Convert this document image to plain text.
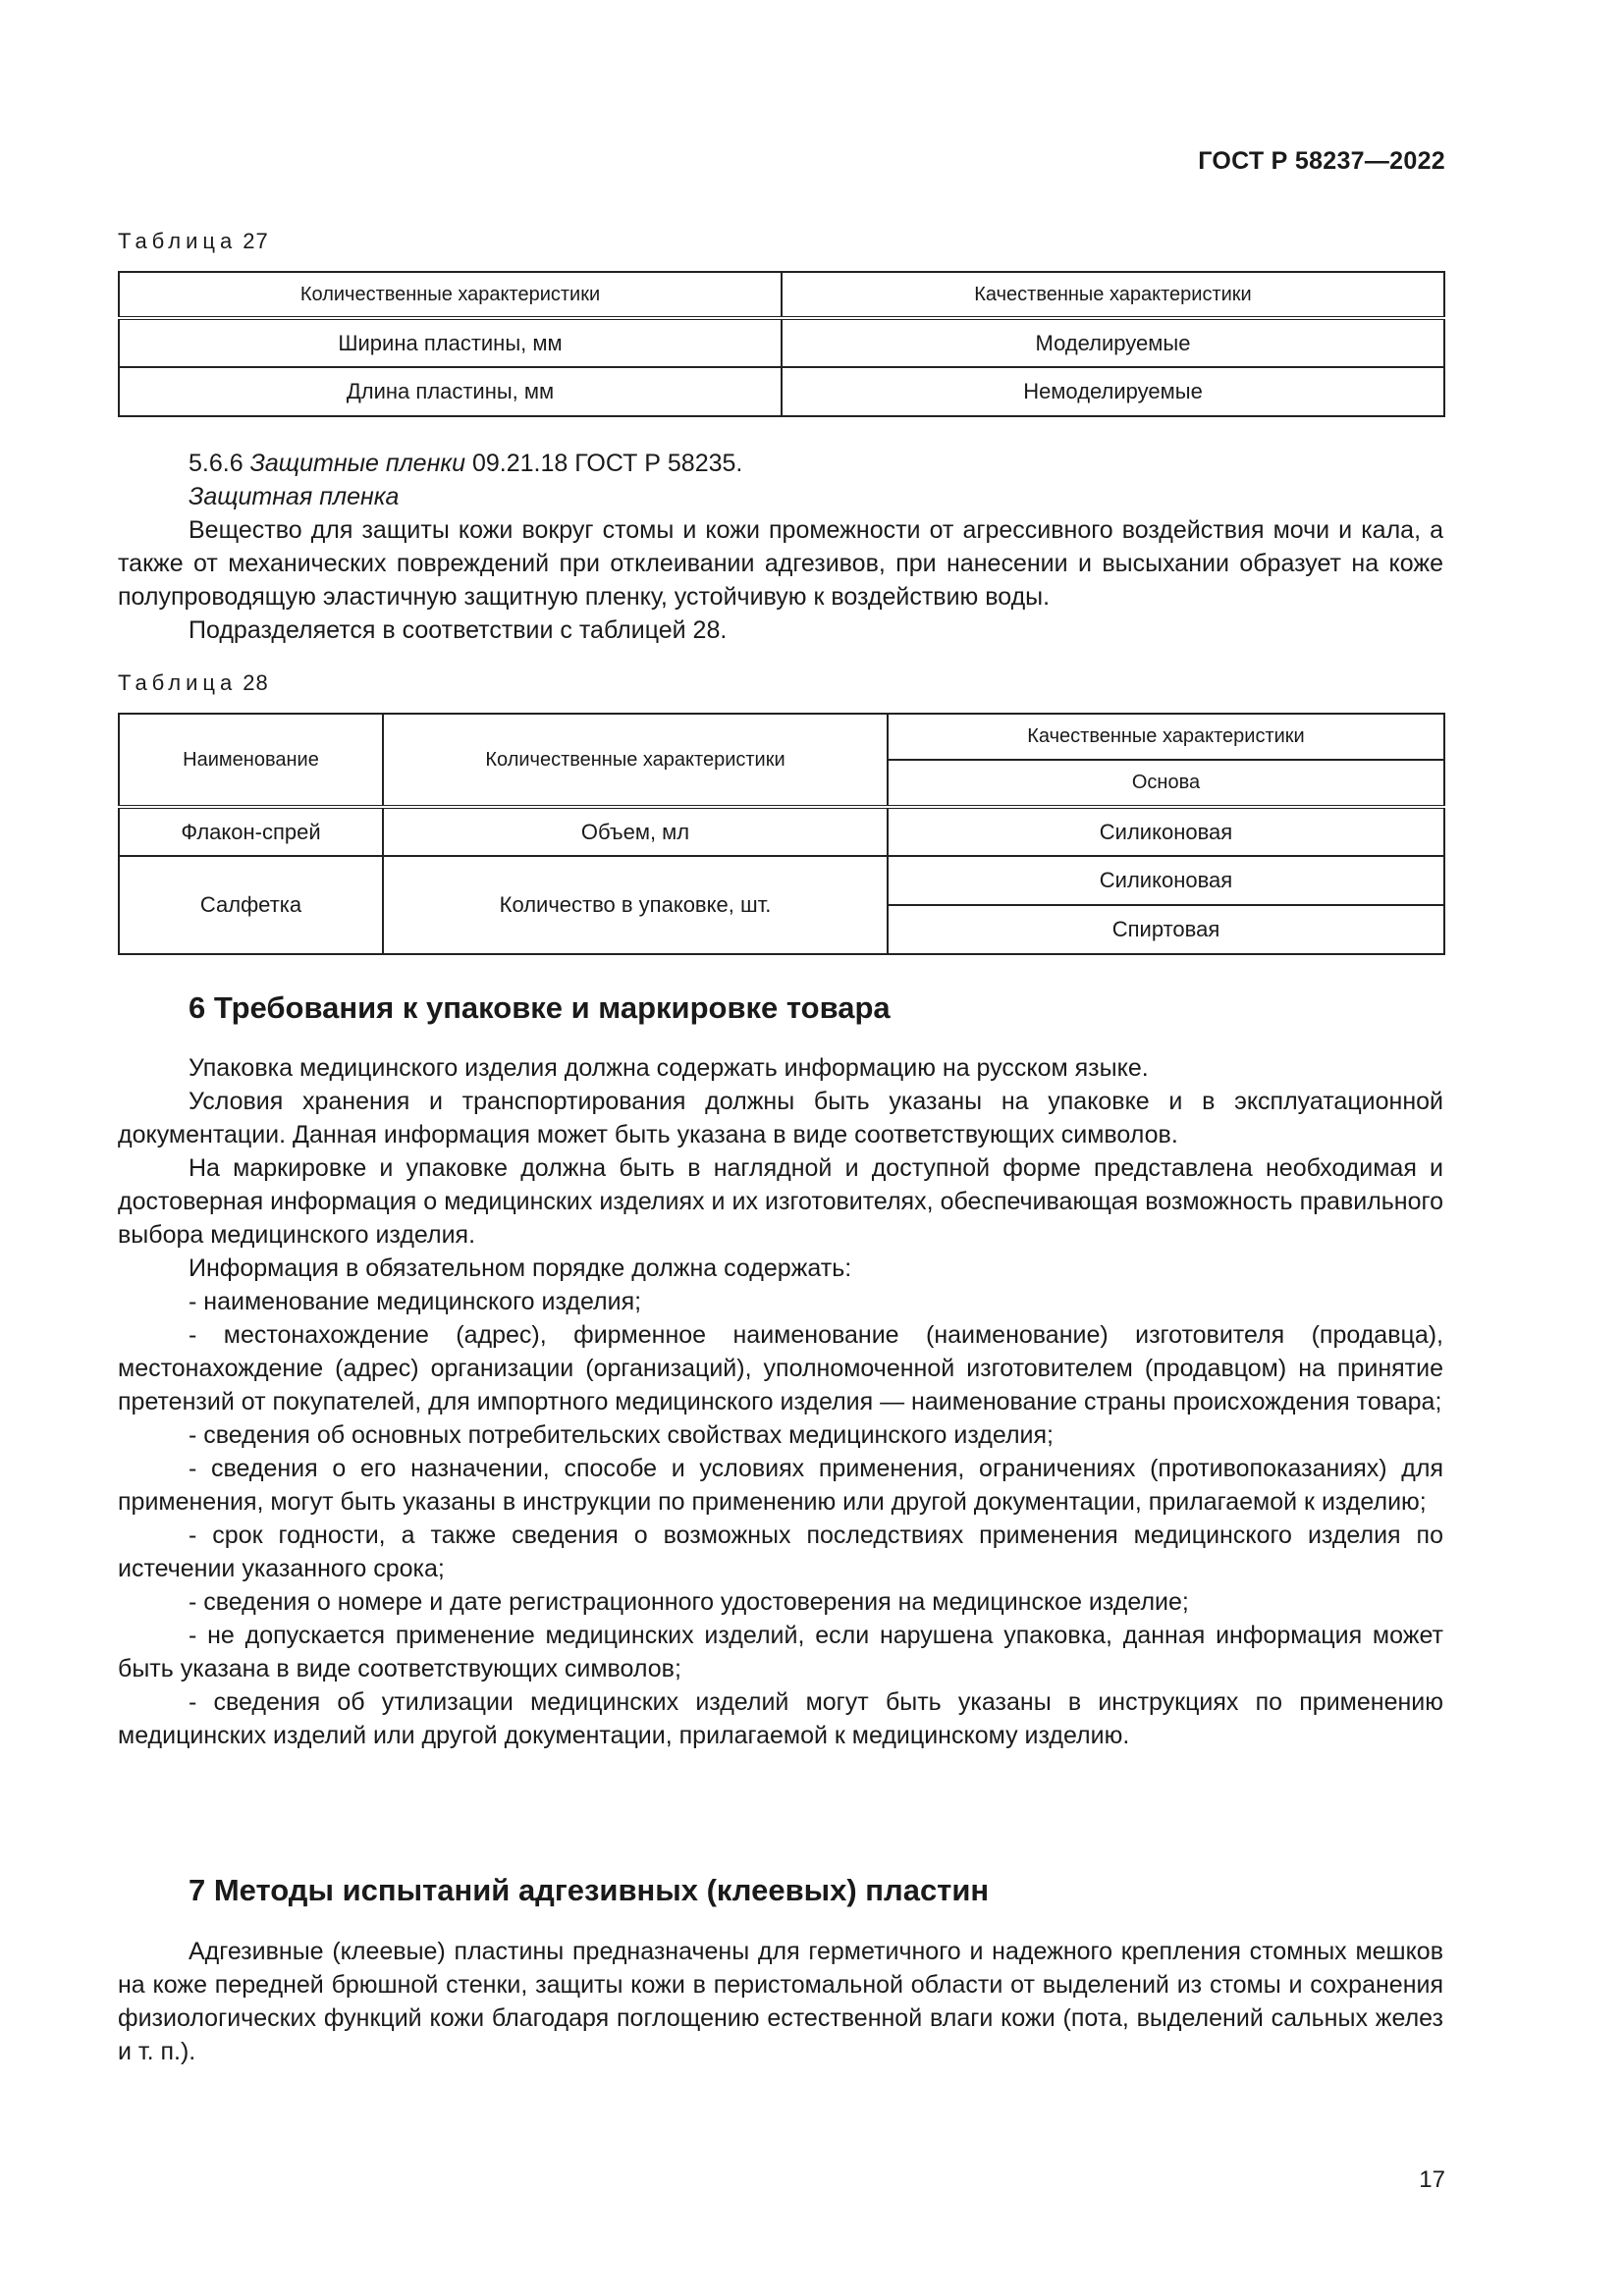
ГОСТ Р 58237—2022
Таблица 27
Количественные характеристики	Качественные характеристики
Ширина пластины, мм	Моделируемые
Длина пластины, мм	Немоделируемые

5.6.6 Защитные пленки 09.21.18 ГОСТ Р 58235.

Защитная пленка

Вещество для защиты кожи вокруг стомы и кожи промежности от агрессивного воздействия мочи и кала, а также от механических повреждений при отклеивании адгезивов, при нанесении и высыхании образует на коже полупроводящую эластичную защитную пленку, устойчивую к воздействию воды.

Подразделяется в соответствии с таблицей 28.

Таблица 28
Наименование	Количественные характеристики	Качественные характеристики
		Основа
Флакон-спрей	Объем, мл	Силиконовая
Салфетка	Количество в упаковке, шт.	Силиконовая
		Спиртовая
6 Требования к упаковке и маркировке товара

Упаковка медицинского изделия должна содержать информацию на русском языке.

Условия хранения и транспортирования должны быть указаны на упаковке и в эксплуатационной документации. Данная информация может быть указана в виде соответствующих символов.

На маркировке и упаковке должна быть в наглядной и доступной форме представлена необходимая и достоверная информация о медицинских изделиях и их изготовителях, обеспечивающая возможность правильного выбора медицинского изделия.

Информация в обязательном порядке должна содержать:

- наименование медицинского изделия;

- местонахождение (адрес), фирменное наименование (наименование) изготовителя (продавца), местонахождение (адрес) организации (организаций), уполномоченной изготовителем (продавцом) на принятие претензий от покупателей, для импортного медицинского изделия — наименование страны происхождения товара;

- сведения об основных потребительских свойствах медицинского изделия;

- сведения о его назначении, способе и условиях применения, ограничениях (противопоказаниях) для применения, могут быть указаны в инструкции по применению или другой документации, прилагаемой к изделию;

- срок годности, а также сведения о возможных последствиях применения медицинского изделия по истечении указанного срока;

- сведения о номере и дате регистрационного удостоверения на медицинское изделие;

- не допускается применение медицинских изделий, если нарушена упаковка, данная информация может быть указана в виде соответствующих символов;

- сведения об утилизации медицинских изделий могут быть указаны в инструкциях по применению медицинских изделий или другой документации, прилагаемой к медицинскому изделию.

7 Методы испытаний адгезивных (клеевых) пластин

Адгезивные (клеевые) пластины предназначены для герметичного и надежного крепления стомных мешков на коже передней брюшной стенки, защиты кожи в перистомальной области от выделений из стомы и сохранения физиологических функций кожи благодаря поглощению естественной влаги кожи (пота, выделений сальных желез и т. п.).

17
